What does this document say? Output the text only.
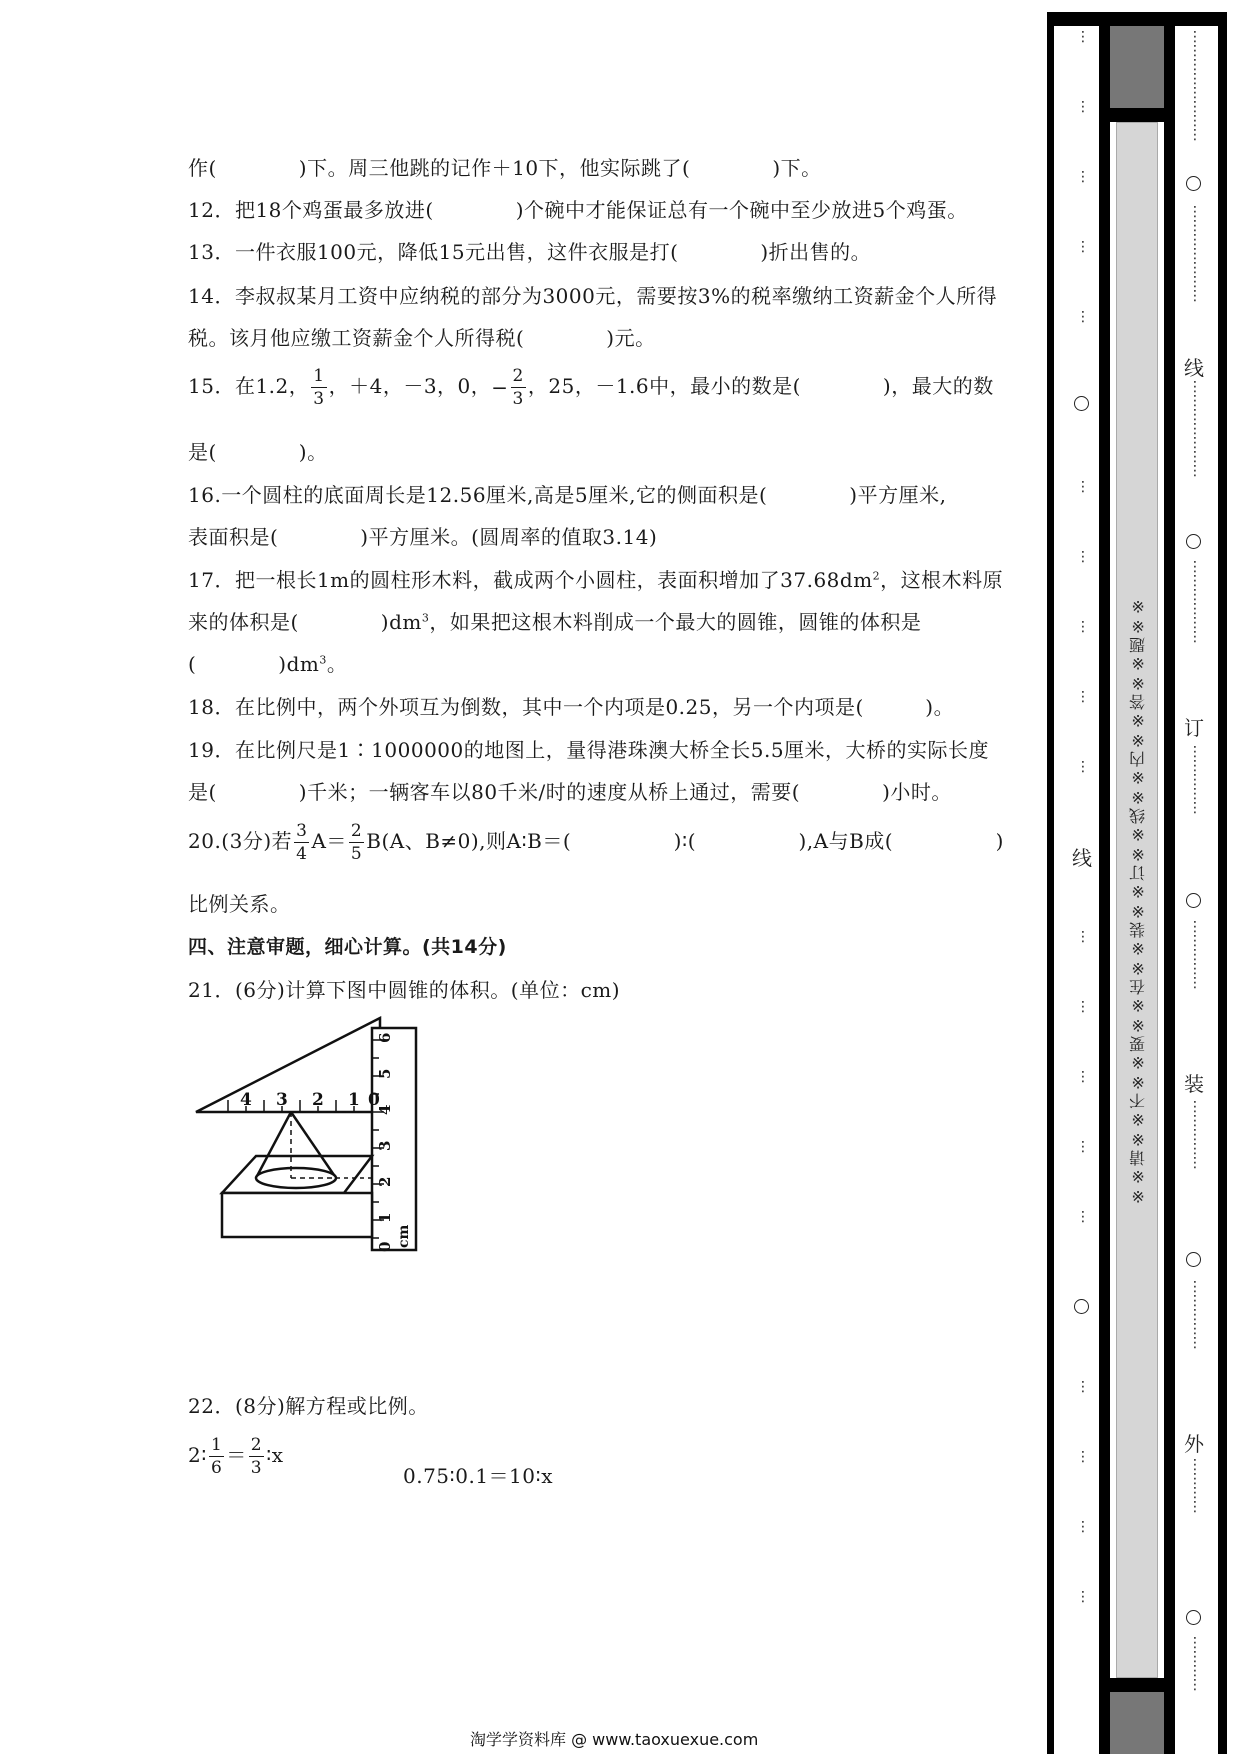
作(　　　　)下。周三他跳的记作＋10下，他实际跳了(　　　　)下。
12．把18个鸡蛋最多放进(　　　　)个碗中才能保证总有一个碗中至少放进5个鸡蛋。
13．一件衣服100元，降低15元出售，这件衣服是打(　　　　)折出售的。
14．李叔叔某月工资中应纳税的部分为3000元，需要按3%的税率缴纳工资薪金个人所得
税。该月他应缴工资薪金个人所得税(　　　　)元。
15．在1.2， $\frac{1}{3}$ ，＋4，－3，0，− $\frac{2}{3}$ ，25，－1.6中，最小的数是(　　　　)，最大的数
是(　　　　)。
16.一个圆柱的底面周长是12.56厘米,高是5厘米,它的侧面积是(　　　　)平方厘米,
表面积是(　　　　)平方厘米。(圆周率的值取3.14)
17．把一根长1m的圆柱形木料，截成两个小圆柱，表面积增加了$37.68dm^2$，这根木料原
来的体积是(　　　　)$dm^3$，如果把这根木料削成一个最大的圆锥，圆锥的体积是
(　　　　)$dm^3$。
18．在比例中，两个外项互为倒数，其中一个内项是0.25，另一个内项是(　　　)。
19．在比例尺是1∶1000000的地图上，量得港珠澳大桥全长5.5厘米，大桥的实际长度
是(　　　　)千米；一辆客车以80千米/时的速度从桥上通过，需要(　　　　)小时。
20.(3分)若 $\frac{3}{4} A= \frac{2}{5} B(A$、B≠0),则A∶B＝(　　　　　)∶(　　　　　),A与B成(　　　　　)
比例关系。
四、注意审题，细心计算。(共14分)
21．(6分)计算下图中圆锥的体积。(单位：cm)
4 3 2 1 0
0
1
2
3
4
5
6
cm
22．(8分)解方程或比例。
2∶ $\frac{1}{6} = \frac{2}{3}$ ∶x
0.75∶0.1＝10∶x
※※请※※不※※要※※在※※装※※订※※线※※内※※答※※题※※
⋮

⋮

⋮

⋮

⋮
⋮

⋮

⋮

⋮

⋮
线
⋮

⋮

⋮

⋮

⋮
⋮

⋮

⋮

⋮
⋮
⋮
⋮
⋮
⋮
⋮
⋮
⋮
⋮
⋮
⋮
⋮
⋮
⋮
⋮
线
⋮
⋮
⋮
⋮
⋮
⋮
⋮
⋮
⋮
⋮
⋮
⋮
⋮
订
⋮
⋮
⋮
⋮
⋮
⋮
⋮
⋮
⋮
⋮
装
⋮
⋮
⋮
⋮
⋮
⋮
⋮
⋮
⋮
⋮
外
⋮
⋮
⋮
⋮
⋮
⋮
⋮
⋮
淘学学资料库 @ www.taoxuexue.com
